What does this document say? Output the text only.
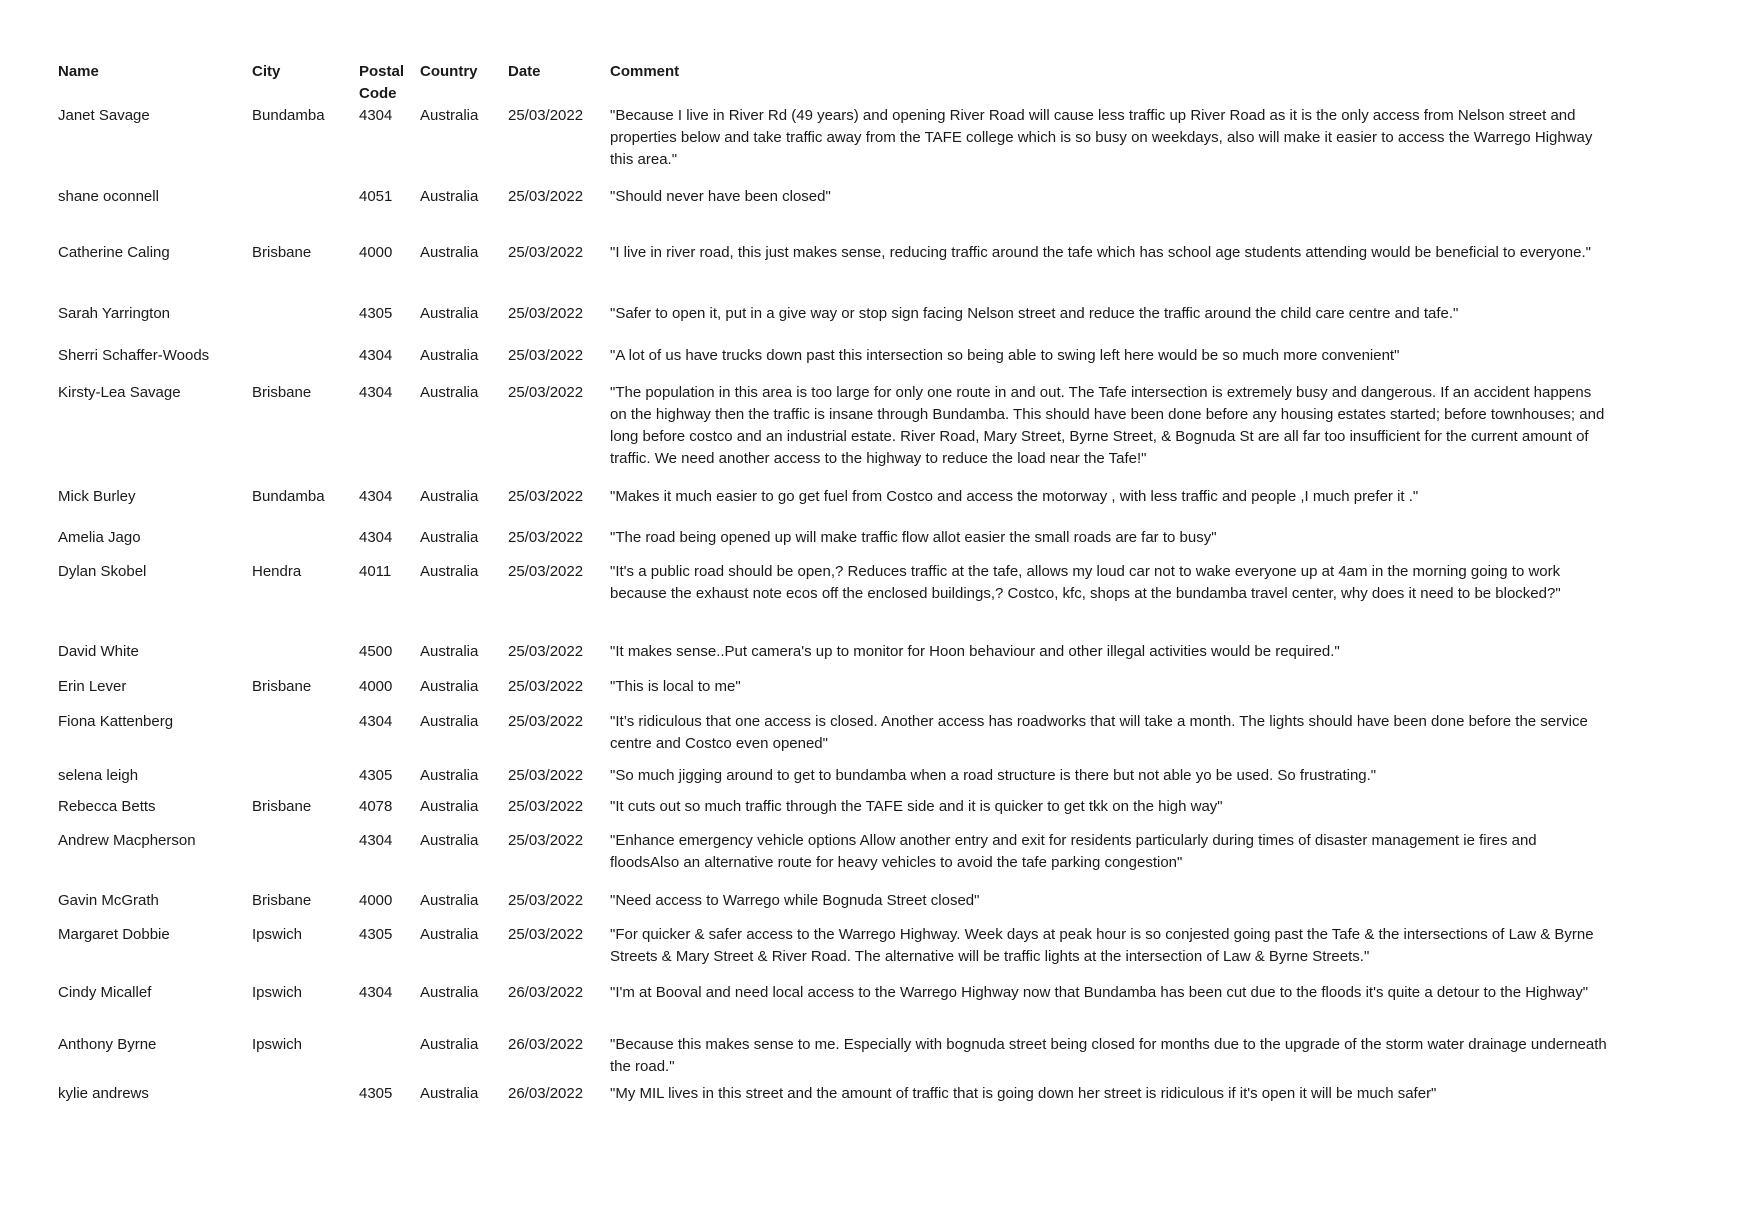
Name	City	Postal Code	Country	Date	Comment
Janet Savage	Bundamba	4304	Australia	25/03/2022	"Because I live in River Rd (49 years) and opening River Road will cause less traffic up River Road as it is the only access from Nelson street and properties below and take traffic away from the TAFE college which is so busy on weekdays, also will make it easier to access the Warrego Highway this area."
shane oconnell		4051	Australia	25/03/2022	"Should never have been closed"
Catherine Caling	Brisbane	4000	Australia	25/03/2022	"I live in river road, this just makes sense, reducing traffic around the tafe which has school age students attending would be beneficial to everyone."
Sarah Yarrington		4305	Australia	25/03/2022	"Safer to open it, put in a give way or stop sign facing Nelson street and reduce the traffic around the child care centre and tafe."
Sherri Schaffer-Woods		4304	Australia	25/03/2022	"A lot of us have trucks down past this intersection so being able to swing left here would be so much more convenient"
Kirsty-Lea Savage	Brisbane	4304	Australia	25/03/2022	"The population in this area is too large for only one route in and out. The Tafe intersection is extremely busy and dangerous. If an accident happens on the highway then the traffic is insane through Bundamba. This should have been done before any housing estates started; before townhouses; and long before costco and an industrial estate. River Road, Mary Street, Byrne Street, & Bognuda St are all far too insufficient for the current amount of traffic. We need another access to the highway to reduce the load near the Tafe!"
Mick Burley	Bundamba	4304	Australia	25/03/2022	"Makes it much easier to go get fuel from Costco and access the motorway , with less traffic and people ,I much prefer it ."
Amelia Jago		4304	Australia	25/03/2022	"The road being opened up will make traffic flow allot easier the small roads are far to busy"
Dylan Skobel	Hendra	4011	Australia	25/03/2022	"It's a public road should be open,? Reduces traffic at the tafe, allows my loud car not to wake everyone up at 4am in the morning going to work because the exhaust note ecos off the enclosed buildings,? Costco, kfc, shops at the bundamba travel center, why does it need to be blocked?"
David White		4500	Australia	25/03/2022	"It makes sense..Put camera's up to monitor for Hoon behaviour and other illegal activities would be required."
Erin Lever	Brisbane	4000	Australia	25/03/2022	"This is local to me"
Fiona Kattenberg		4304	Australia	25/03/2022	"It’s ridiculous that one access is closed. Another access has roadworks that will take a month. The lights should have been done before the service centre and Costco even opened"
selena leigh		4305	Australia	25/03/2022	"So much jigging around to get to bundamba when a road structure is there but not able yo be used. So frustrating."
Rebecca Betts	Brisbane	4078	Australia	25/03/2022	"It cuts out so much traffic through the TAFE side and it is quicker to get tkk on the high way"
Andrew Macpherson		4304	Australia	25/03/2022	"Enhance emergency vehicle options Allow another entry and exit for residents particularly during times of disaster management ie fires and floodsAlso an alternative route for heavy vehicles to avoid the tafe parking congestion"
Gavin McGrath	Brisbane	4000	Australia	25/03/2022	"Need access to Warrego while Bognuda Street closed"
Margaret Dobbie	Ipswich	4305	Australia	25/03/2022	"For quicker & safer access to the Warrego Highway. Week days at peak hour is so conjested going past the Tafe & the intersections of Law & Byrne Streets & Mary Street & River Road. The alternative will be traffic lights at the intersection of Law & Byrne Streets."
Cindy Micallef	Ipswich	4304	Australia	26/03/2022	"I'm at Booval and need local access to the Warrego Highway now that Bundamba has been cut due to the floods it's quite a detour to the Highway"
Anthony Byrne	Ipswich		Australia	26/03/2022	"Because this makes sense to me. Especially with bognuda street being closed for months due to the upgrade of the storm water drainage underneath the road."
kylie andrews		4305	Australia	26/03/2022	"My MIL lives in this street and the amount of traffic that is going down her street is ridiculous if it's open it will be much safer"
